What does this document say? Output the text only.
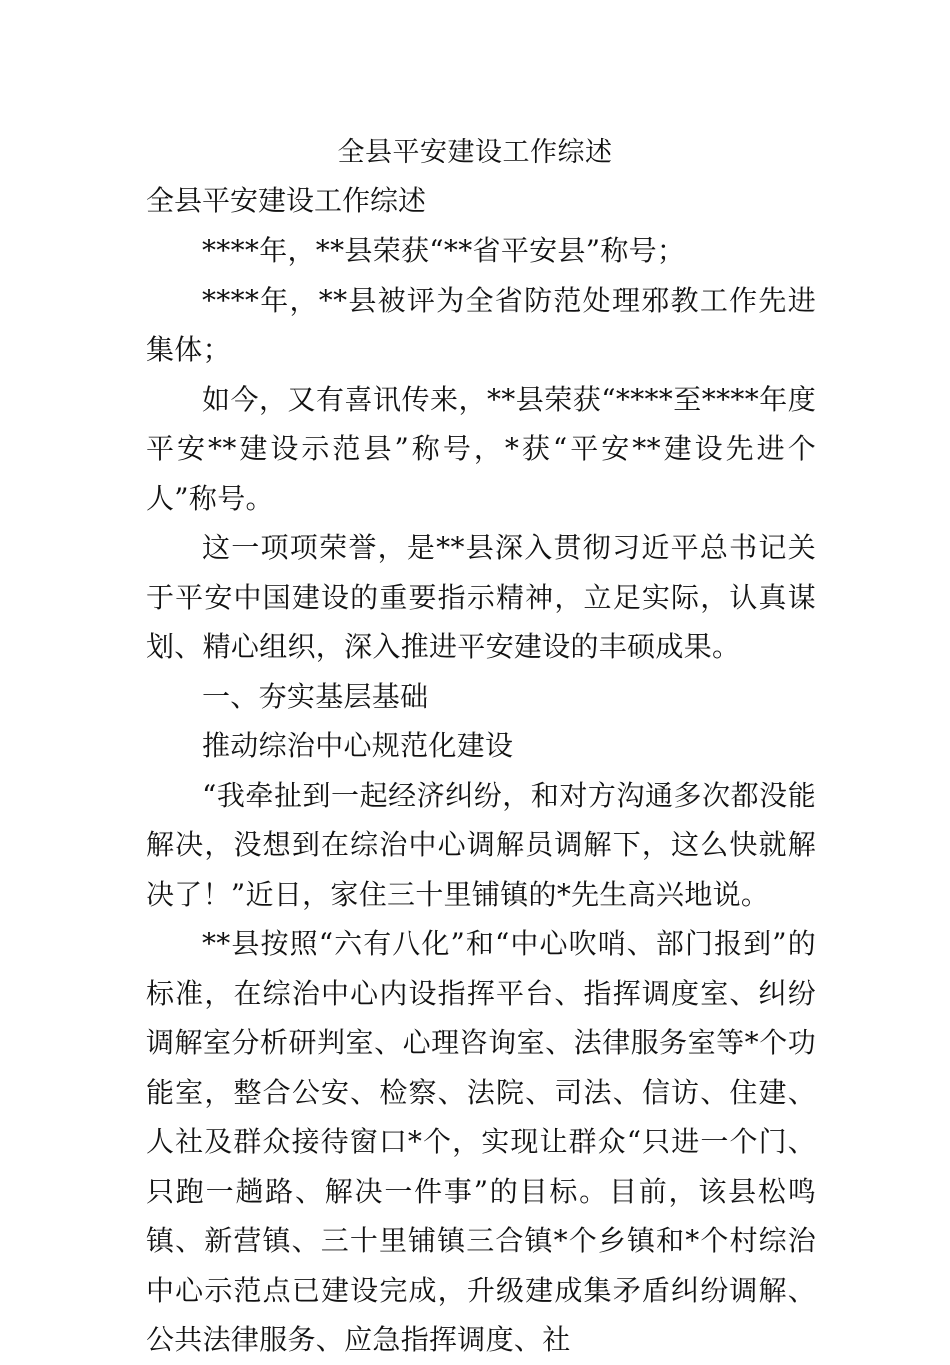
全县平安建设工作综述
全县平安建设工作综述

****年，**县荣获“**省平安县”称号；

****年，**县被评为全省防范处理邪教工作先进集体；

如今，又有喜讯传来，**县荣获“****至****年度平安**建设示范县”称号，*获“平安**建设先进个人”称号。

这一项项荣誉，是**县深入贯彻习近平总书记关于平安中国建设的重要指示精神，立足实际，认真谋划、精心组织，深入推进平安建设的丰硕成果。

一、夯实基层基础

推动综治中心规范化建设

“我牵扯到一起经济纠纷，和对方沟通多次都没能解决，没想到在综治中心调解员调解下，这么快就解决了！”近日，家住三十里铺镇的*先生高兴地说。

**县按照“六有八化”和“中心吹哨、部门报到”的标准，在综治中心内设指挥平台、指挥调度室、纠纷调解室分析研判室、心理咨询室、法律服务室等*个功能室，整合公安、检察、法院、司法、信访、住建、人社及群众接待窗口*个，实现让群众“只进一个门、只跑一趟路、解决一件事”的目标。目前，该县松鸣镇、新营镇、三十里铺镇三合镇*个乡镇和*个村综治中心示范点已建设完成，升级建成集矛盾纠纷调解、公共法律服务、应急指挥调度、社
